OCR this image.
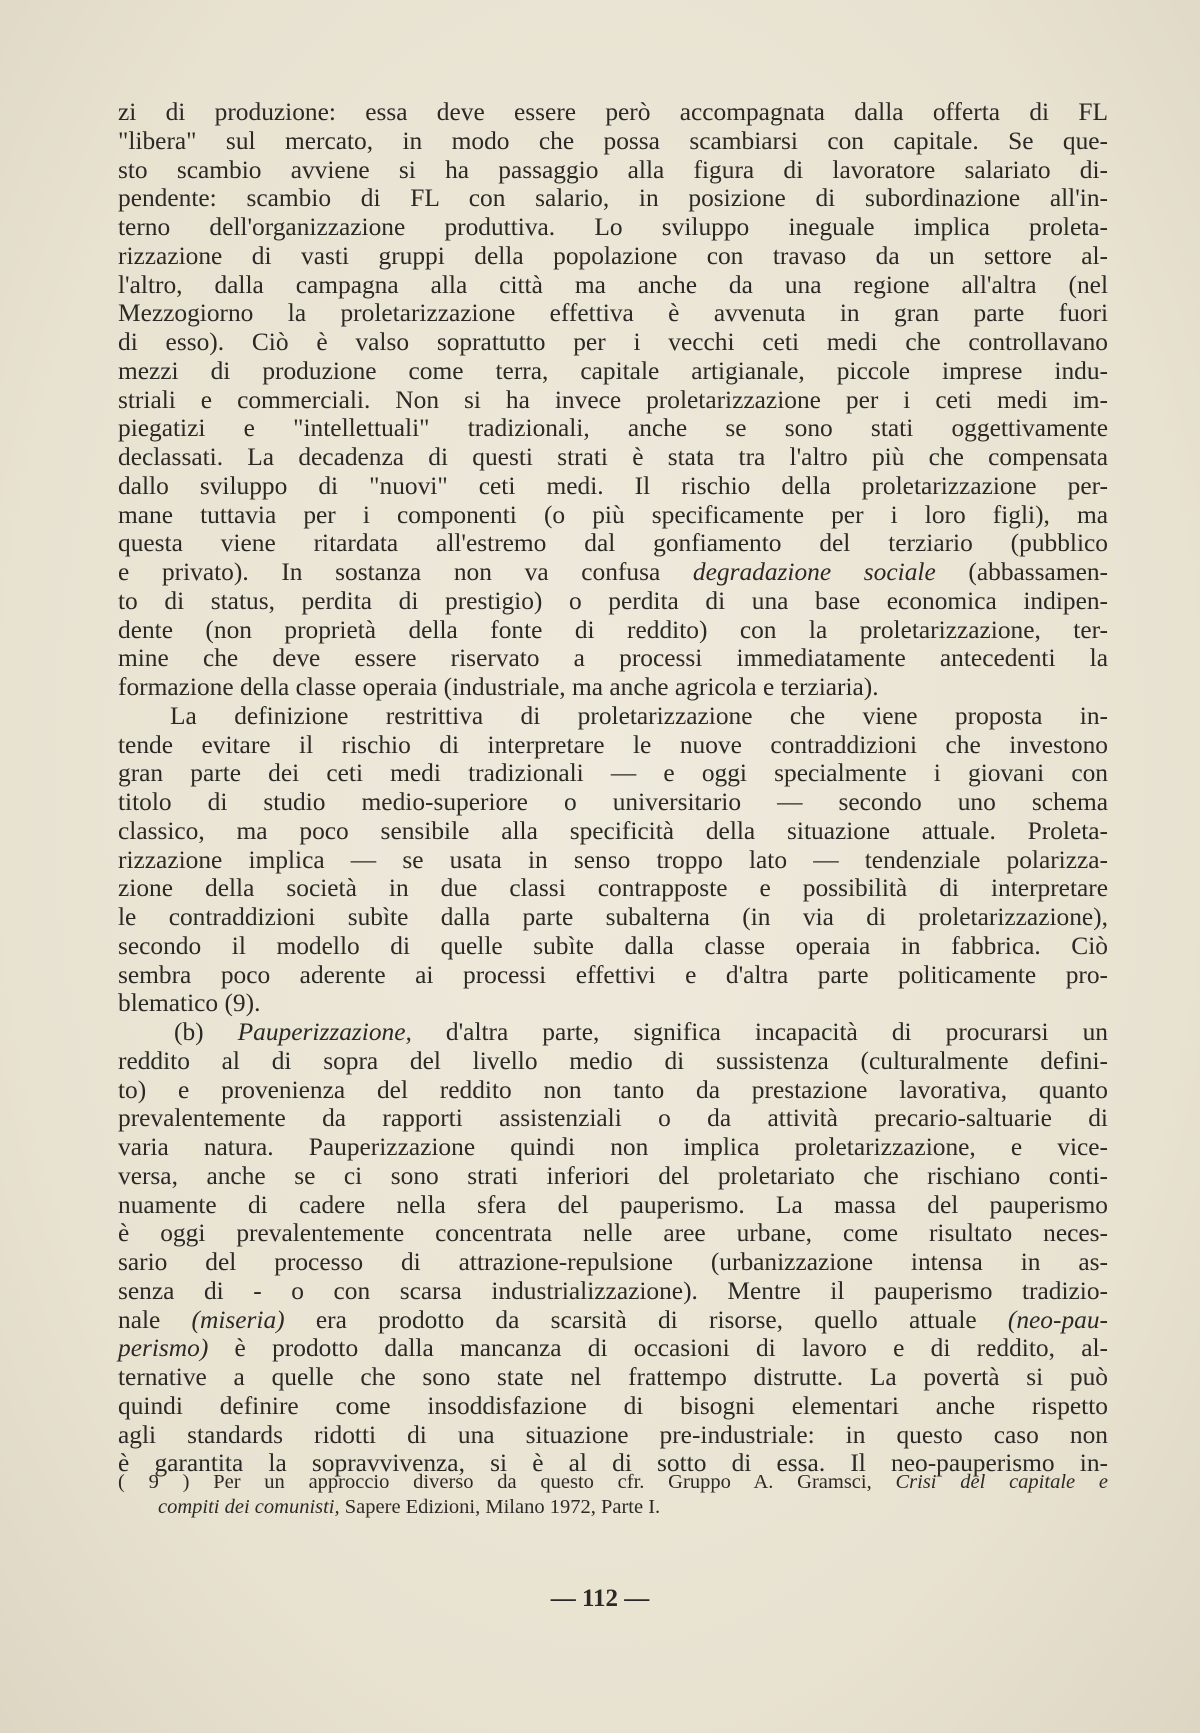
zi di produzione: essa deve essere però accompagnata dalla offerta di FL
"libera" sul mercato, in modo che possa scambiarsi con capitale. Se que-
sto scambio avviene si ha passaggio alla figura di lavoratore salariato di-
pendente: scambio di FL con salario, in posizione di subordinazione all'in-
terno dell'organizzazione produttiva. Lo sviluppo ineguale implica proleta-
rizzazione di vasti gruppi della popolazione con travaso da un settore al-
l'altro, dalla campagna alla città ma anche da una regione all'altra (nel
Mezzogiorno la proletarizzazione effettiva è avvenuta in gran parte fuori
di esso). Ciò è valso soprattutto per i vecchi ceti medi che controllavano
mezzi di produzione come terra, capitale artigianale, piccole imprese indu-
striali e commerciali. Non si ha invece proletarizzazione per i ceti medi im-
piegatizi e "intellettuali" tradizionali, anche se sono stati oggettivamente
declassati. La decadenza di questi strati è stata tra l'altro più che compensata
dallo sviluppo di "nuovi" ceti medi. Il rischio della proletarizzazione per-
mane tuttavia per i componenti (o più specificamente per i loro figli), ma
questa viene ritardata all'estremo dal gonfiamento del terziario (pubblico
e privato). In sostanza non va confusa degradazione sociale (abbassamen-
to di status, perdita di prestigio) o perdita di una base economica indipen-
dente (non proprietà della fonte di reddito) con la proletarizzazione, ter-
mine che deve essere riservato a processi immediatamente antecedenti la
formazione della classe operaia (industriale, ma anche agricola e terziaria).
La definizione restrittiva di proletarizzazione che viene proposta in-
tende evitare il rischio di interpretare le nuove contraddizioni che investono
gran parte dei ceti medi tradizionali — e oggi specialmente i giovani con
titolo di studio medio-superiore o universitario — secondo uno schema
classico, ma poco sensibile alla specificità della situazione attuale. Proleta-
rizzazione implica — se usata in senso troppo lato — tendenziale polarizza-
zione della società in due classi contrapposte e possibilità di interpretare
le contraddizioni subìte dalla parte subalterna (in via di proletarizzazione),
secondo il modello di quelle subìte dalla classe operaia in fabbrica. Ciò
sembra poco aderente ai processi effettivi e d'altra parte politicamente pro-
blematico (9).
(b) Pauperizzazione, d'altra parte, significa incapacità di procurarsi un
reddito al di sopra del livello medio di sussistenza (culturalmente defini-
to) e provenienza del reddito non tanto da prestazione lavorativa, quanto
prevalentemente da rapporti assistenziali o da attività precario-saltuarie di
varia natura. Pauperizzazione quindi non implica proletarizzazione, e vice-
versa, anche se ci sono strati inferiori del proletariato che rischiano conti-
nuamente di cadere nella sfera del pauperismo. La massa del pauperismo
è oggi prevalentemente concentrata nelle aree urbane, come risultato neces-
sario del processo di attrazione-repulsione (urbanizzazione intensa in as-
senza di - o con scarsa industrializzazione). Mentre il pauperismo tradizio-
nale (miseria) era prodotto da scarsità di risorse, quello attuale (neo-pau-
perismo) è prodotto dalla mancanza di occasioni di lavoro e di reddito, al-
ternative a quelle che sono state nel frattempo distrutte. La povertà si può
quindi definire come insoddisfazione di bisogni elementari anche rispetto
agli standards ridotti di una situazione pre-industriale: in questo caso non
è garantita la sopravvivenza, si è al di sotto di essa. Il neo-pauperismo in-
( 9 ) Per un approccio diverso da questo cfr. Gruppo A. Gramsci, Crisi del capitale e
compiti dei comunisti, Sapere Edizioni, Milano 1972, Parte I.
— 112 —
